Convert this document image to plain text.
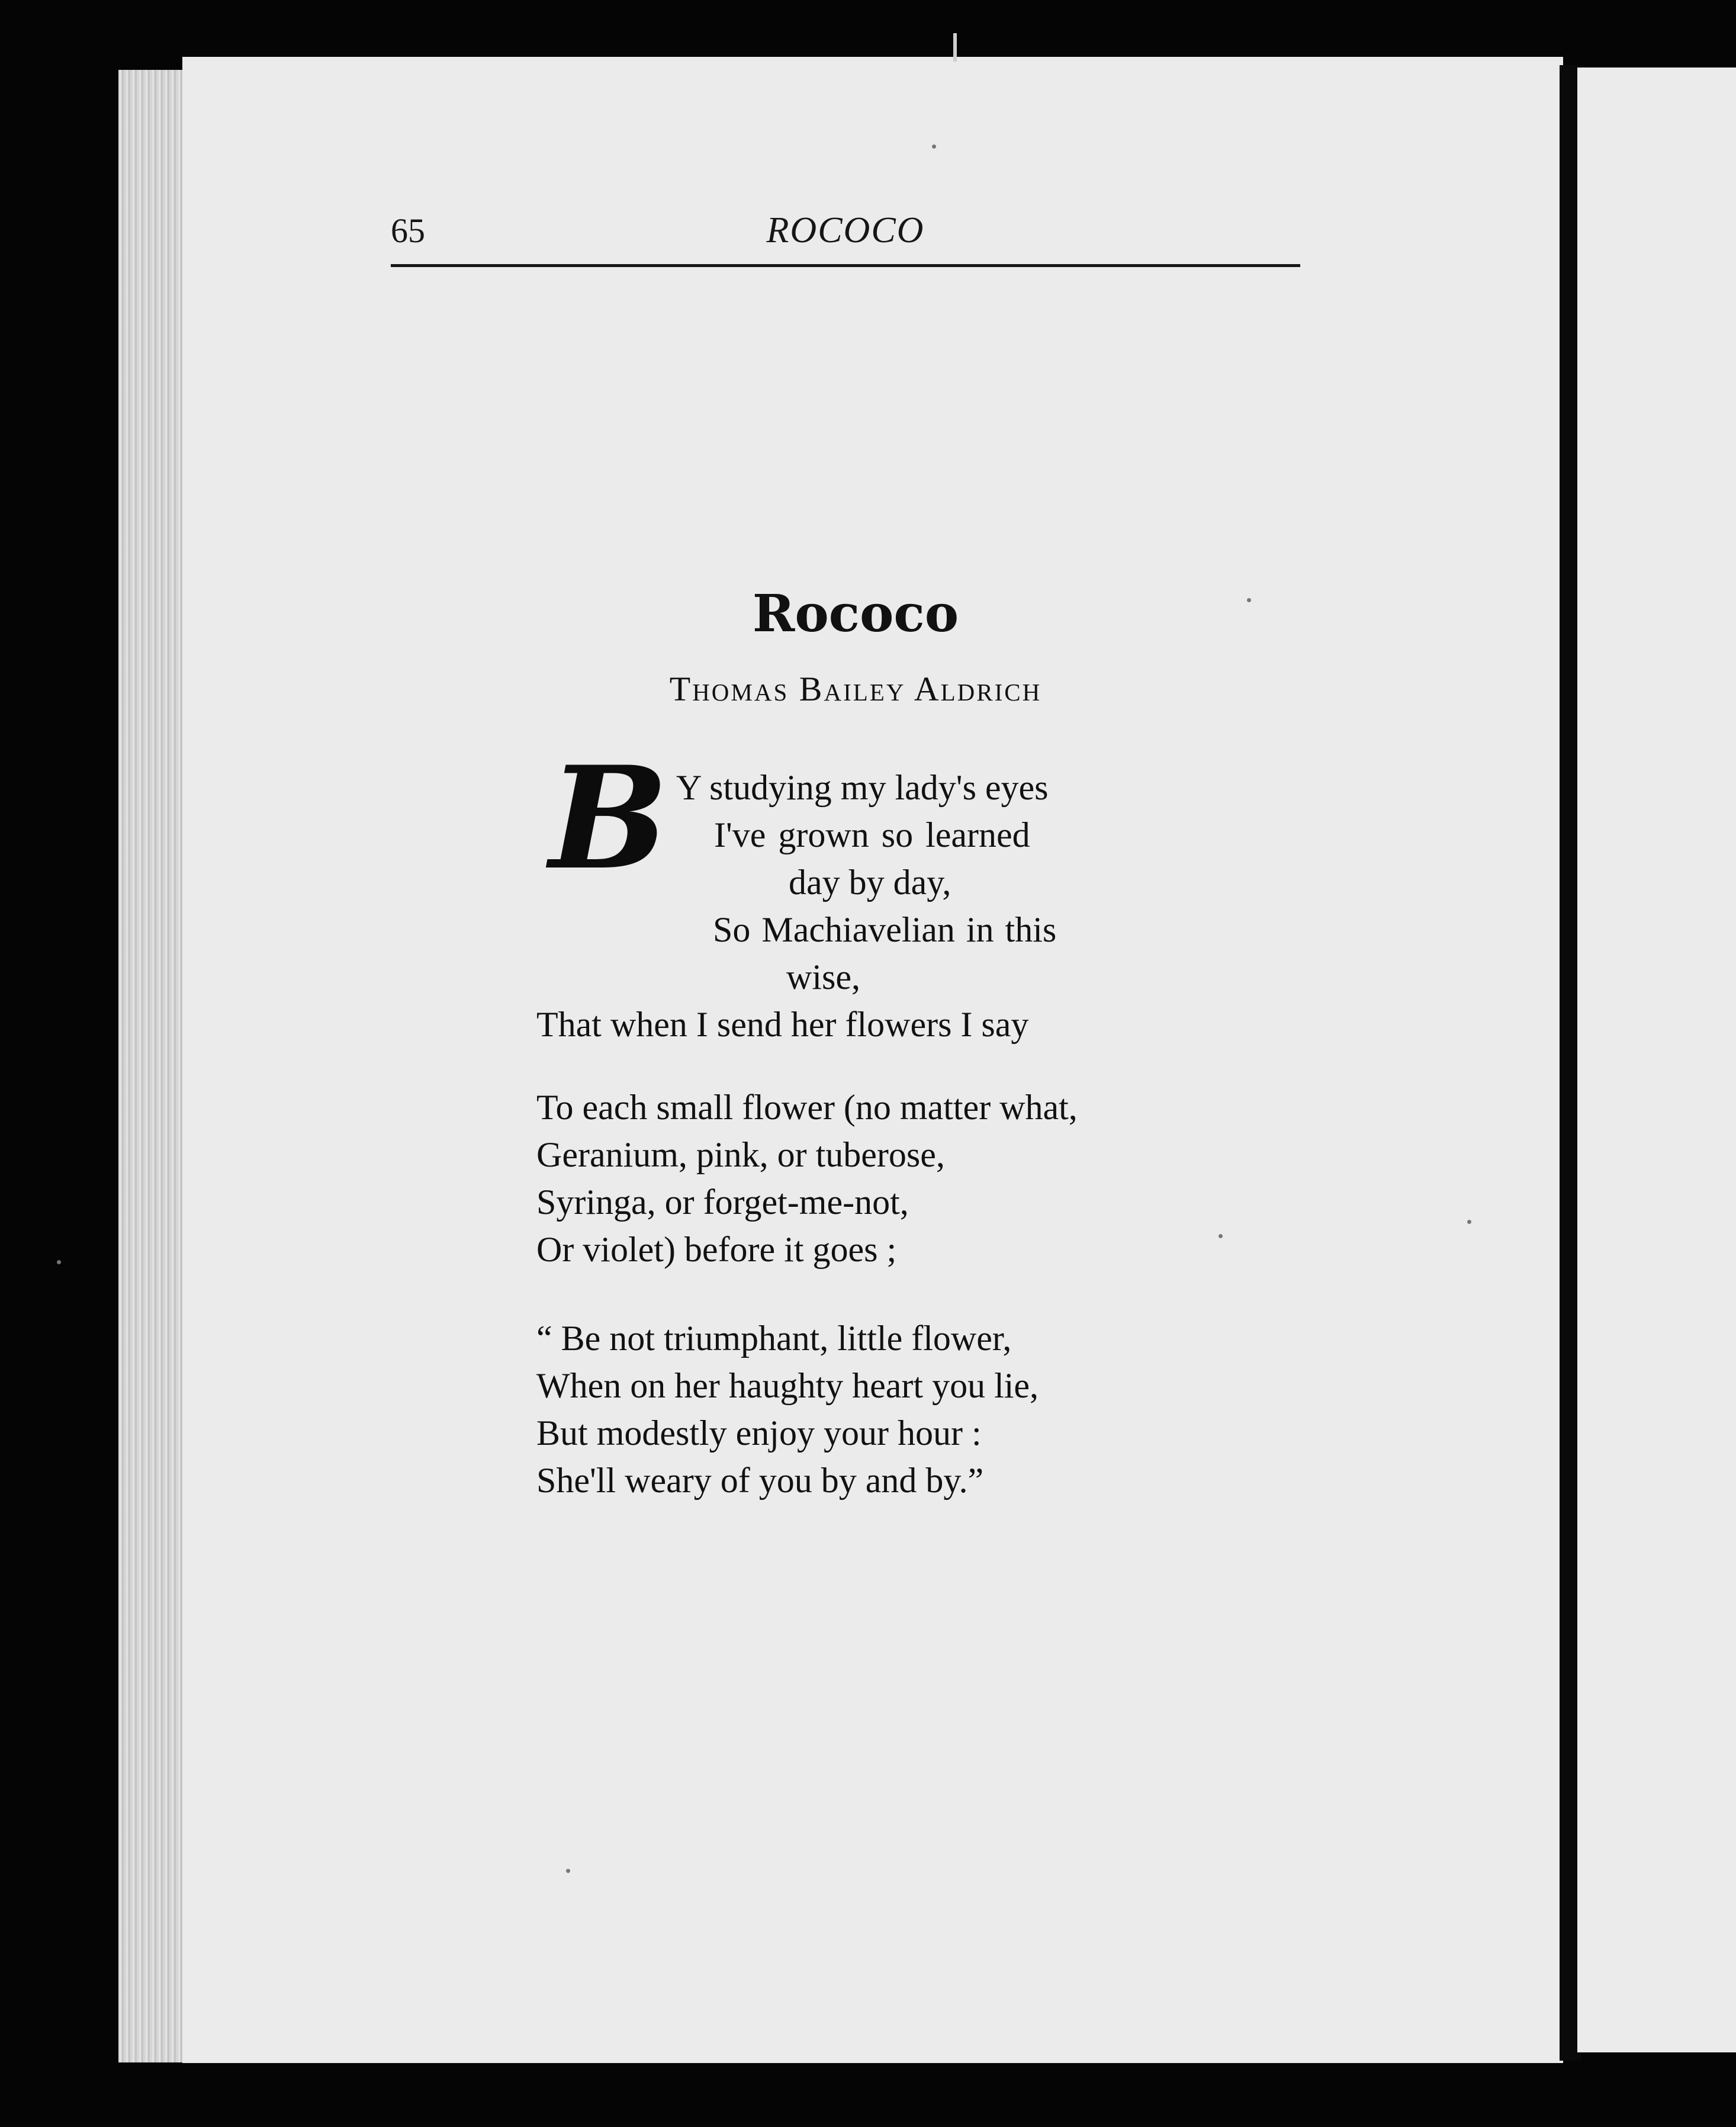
65	ROCOCO
Rococo
Thomas Bailey Aldrich
B Y studying my lady's eyes
I've grown so learned
day by day,
So Machiavelian in this
wise,
That when I send her flowers I say
To each small flower (no matter what,
Geranium, pink, or tuberose,
Syringa, or forget-me-not,
Or violet) before it goes ;
“ Be not triumphant, little flower,
When on her haughty heart you lie,
But modestly enjoy your hour :
She'll weary of you by and by.”
